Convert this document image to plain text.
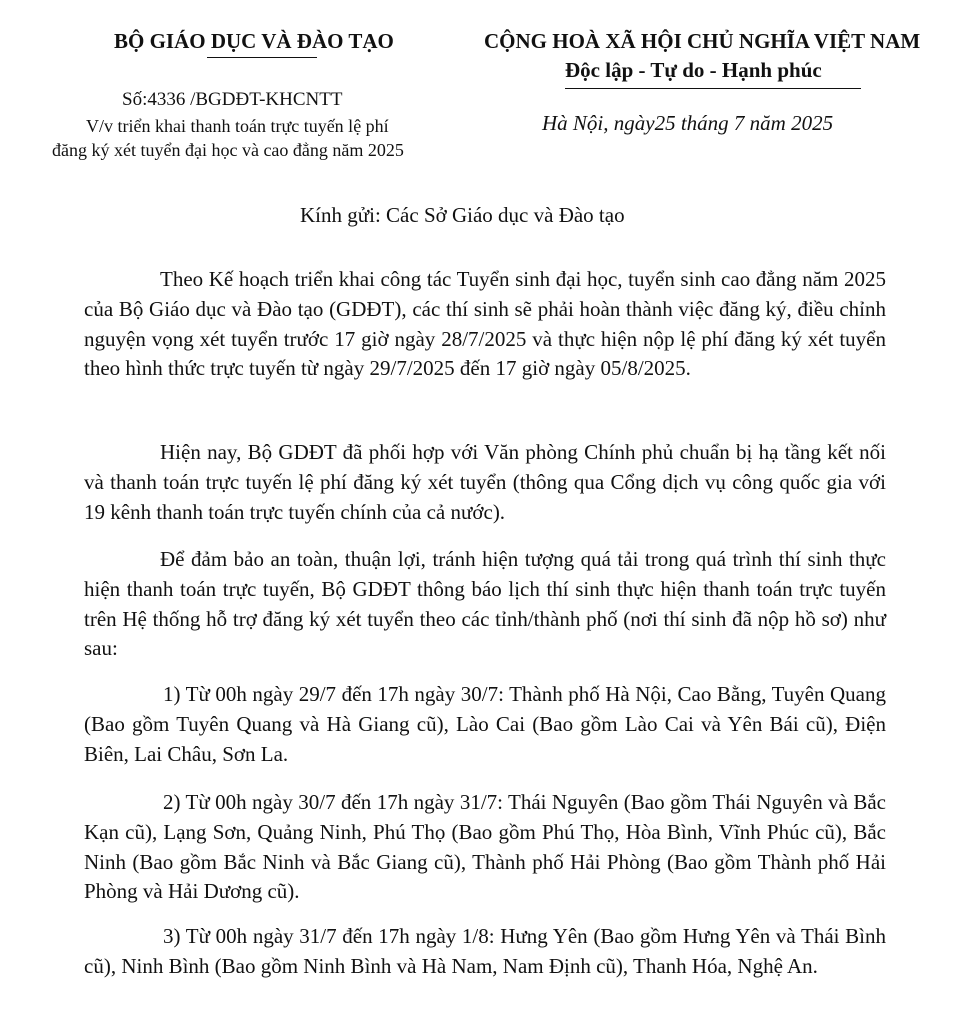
BỘ GIÁO DỤC VÀ ĐÀO TẠO
Số:4336 /BGDĐT-KHCNTT
V/v triển khai thanh toán trực tuyến lệ phí
đăng ký xét tuyển đại học và cao đẳng năm 2025
CỘNG HOÀ XÃ HỘI CHỦ NGHĨA VIỆT NAM
Độc lập - Tự do - Hạnh phúc
Hà Nội, ngày25 tháng 7 năm 2025
Kính gửi: Các Sở Giáo dục và Đào tạo
Theo Kế hoạch triển khai công tác Tuyển sinh đại học, tuyển sinh cao đẳng năm 2025 của Bộ Giáo dục và Đào tạo (GDĐT), các thí sinh sẽ phải hoàn thành việc đăng ký, điều chỉnh nguyện vọng xét tuyển trước 17 giờ ngày 28/7/2025 và thực hiện nộp lệ phí đăng ký xét tuyển theo hình thức trực tuyến từ ngày 29/7/2025 đến 17 giờ ngày 05/8/2025.
Hiện nay, Bộ GDĐT đã phối hợp với Văn phòng Chính phủ chuẩn bị hạ tầng kết nối và thanh toán trực tuyến lệ phí đăng ký xét tuyển (thông qua Cổng dịch vụ công quốc gia với 19 kênh thanh toán trực tuyến chính của cả nước).
Để đảm bảo an toàn, thuận lợi, tránh hiện tượng quá tải trong quá trình thí sinh thực hiện thanh toán trực tuyến, Bộ GDĐT thông báo lịch thí sinh thực hiện thanh toán trực tuyến trên Hệ thống hỗ trợ đăng ký xét tuyển theo các tỉnh/thành phố (nơi thí sinh đã nộp hồ sơ) như sau:
1) Từ 00h ngày 29/7 đến 17h ngày 30/7: Thành phố Hà Nội, Cao Bằng, Tuyên Quang (Bao gồm Tuyên Quang và Hà Giang cũ), Lào Cai (Bao gồm Lào Cai và Yên Bái cũ), Điện Biên, Lai Châu, Sơn La.
2) Từ 00h ngày 30/7 đến 17h ngày 31/7: Thái Nguyên (Bao gồm Thái Nguyên và Bắc Kạn cũ), Lạng Sơn, Quảng Ninh, Phú Thọ (Bao gồm Phú Thọ, Hòa Bình, Vĩnh Phúc cũ), Bắc Ninh (Bao gồm Bắc Ninh và Bắc Giang cũ), Thành phố Hải Phòng (Bao gồm Thành phố Hải Phòng và Hải Dương cũ).
3) Từ 00h ngày 31/7 đến 17h ngày 1/8: Hưng Yên (Bao gồm Hưng Yên và Thái Bình cũ), Ninh Bình (Bao gồm Ninh Bình và Hà Nam, Nam Định cũ), Thanh Hóa, Nghệ An.
